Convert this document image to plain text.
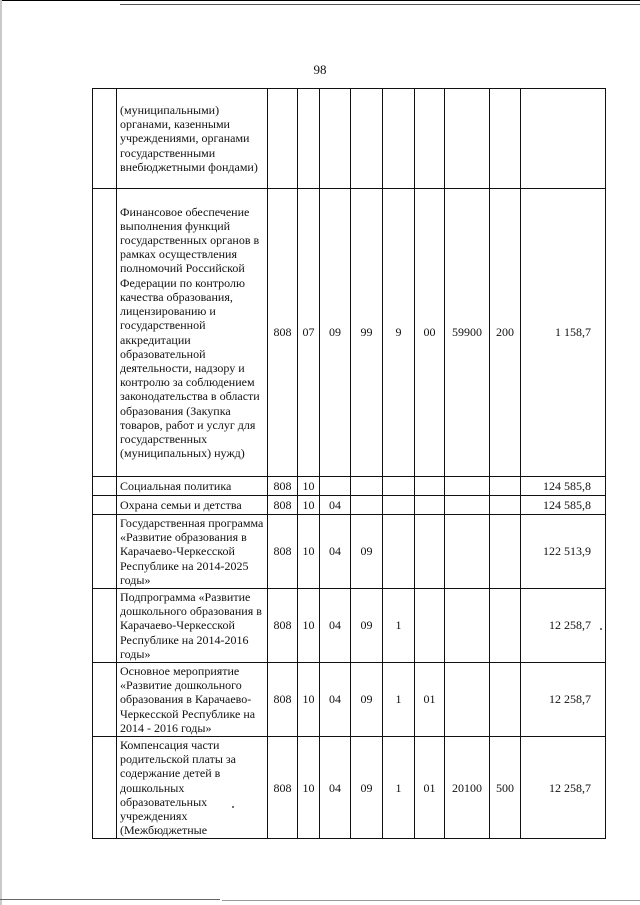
98
	(муниципальными) органами, казенными учреждениями, органами государственными внебюджетными фондами)									
	Финансовое обеспечение выполнения функций государственных органов в рамках осуществления полномочий Российской Федерации по контролю качества образования, лицензированию и государственной аккредитации образовательной деятельности, надзору и контролю за соблюдением законодательства в области образования (Закупка товаров, работ и услуг для государственных (муниципальных) нужд)	808	07	09	99	9	00	59900	200	1 158,7
	Социальная политика	808	10							124 585,8
	Охрана семьи и детства	808	10	04						124 585,8
	Государственная программа «Развитие образования в Карачаево-Черкесской Республике на 2014-2025 годы»	808	10	04	09					122 513,9
	Подпрограмма «Развитие дошкольного образования в Карачаево-Черкесской Республике на 2014-2016 годы»	808	10	04	09	1				12 258,7
	Основное мероприятие «Развитие дошкольного образования в Карачаево-Черкесской Республике на 2014 - 2016 годы»	808	10	04	09	1	01			12 258,7
	Компенсация части родительской платы за содержание детей в дошкольных образовательных учреждениях (Межбюджетные	808	10	04	09	1	01	20100	500	12 258,7
